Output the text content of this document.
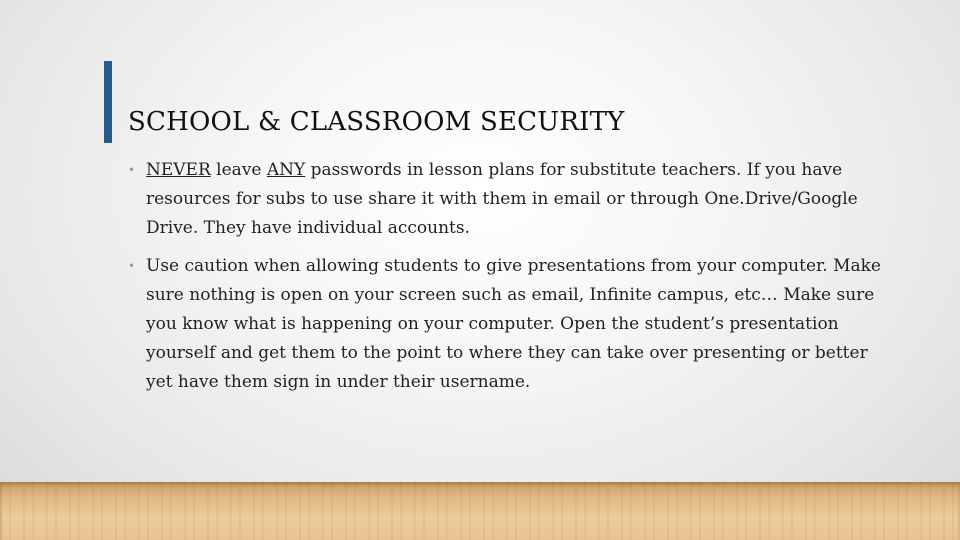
SCHOOL & CLASSROOM SECURITY
• NEVER leave ANY passwords in lesson plans for substitute teachers. If you have resources for subs to use share it with them in email or through One.Drive/Google Drive. They have individual accounts.
• Use caution when allowing students to give presentations from your computer. Make sure nothing is open on your screen such as email, Infinite campus, etc… Make sure you know what is happening on your computer. Open the student’s presentation yourself and get them to the point to where they can take over presenting or better yet have them sign in under their username.
